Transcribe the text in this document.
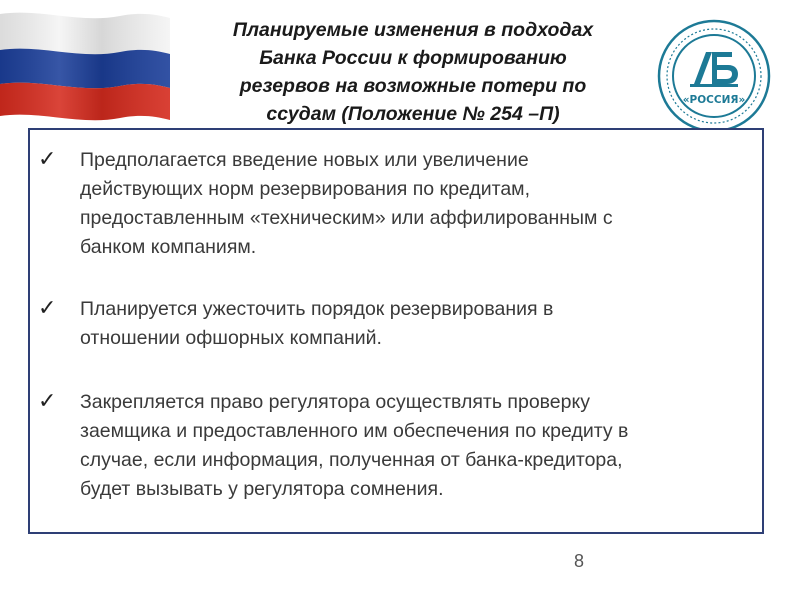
Планируемые изменения в подходах
Банка России к формированию
резервов на возможные потери по
ссудам (Положение № 254 –П)
«РОССИЯ»
✓ Предполагается введение новых или увеличение
действующих норм резервирования по кредитам,
предоставленным «техническим» или аффилированным с
банком компаниям.
✓ Планируется ужесточить порядок резервирования в
отношении офшорных компаний.
✓ Закрепляется право регулятора осуществлять проверку
заемщика и предоставленного им обеспечения по кредиту в
случае, если информация, полученная от банка-кредитора,
будет вызывать у регулятора сомнения.
8
